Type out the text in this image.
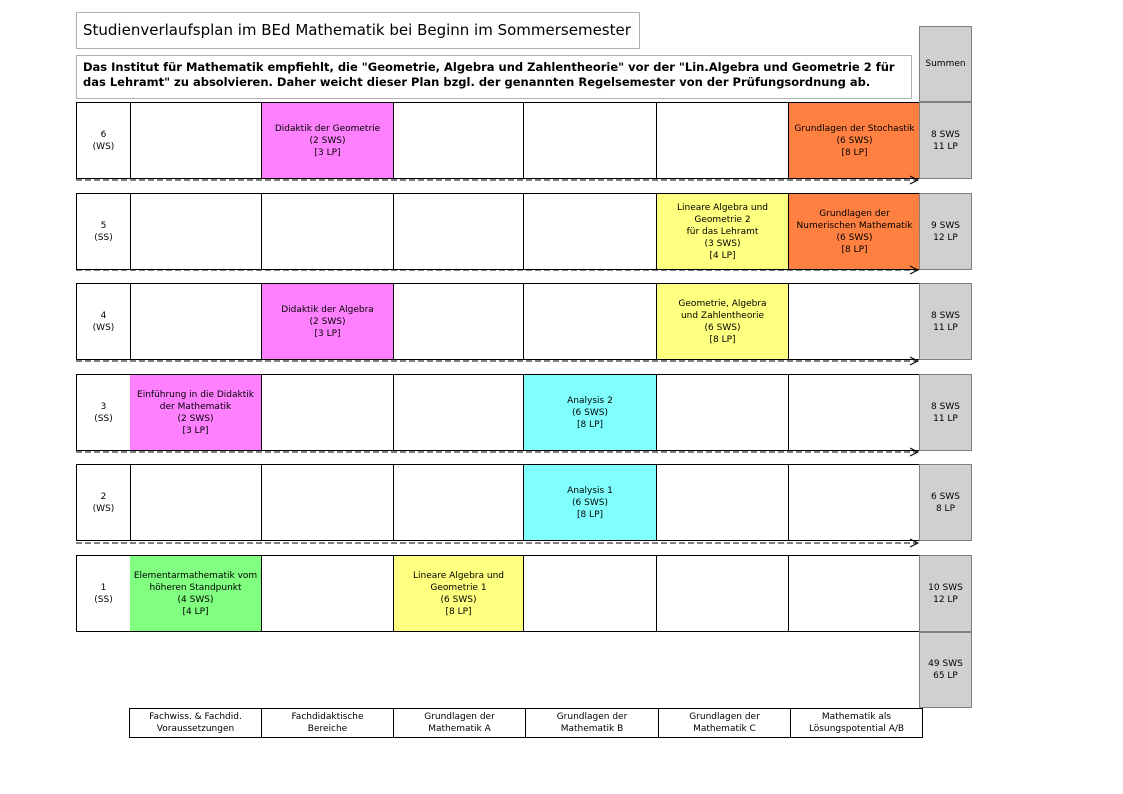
Studienverlaufsplan im BEd Mathematik bei Beginn im Sommersemester
Das Institut für Mathematik empfiehlt, die "Geometrie, Algebra und Zahlentheorie" vor der "Lin.Algebra und Geometrie 2 für das Lehramt" zu absolvieren. Daher weicht dieser Plan bzgl. der genannten Regelsemester von der Prüfungsordnung ab.
Summen
6
(WS)
Didaktik der Geometrie
(2 SWS)
[3 LP]
Grundlagen der Stochastik
(6 SWS)
[8 LP]
8 SWS
11 LP
5
(SS)
Lineare Algebra und
Geometrie 2
für das Lehramt
(3 SWS)
[4 LP]
Grundlagen der
Numerischen Mathematik
(6 SWS)
[8 LP]
9 SWS
12 LP
4
(WS)
Didaktik der Algebra
(2 SWS)
[3 LP]
Geometrie, Algebra
und Zahlentheorie
(6 SWS)
[8 LP]
8 SWS
11 LP
3
(SS)
Einführung in die Didaktik
der Mathematik
(2 SWS)
[3 LP]
Analysis 2
(6 SWS)
[8 LP]
8 SWS
11 LP
2
(WS)
Analysis 1
(6 SWS)
[8 LP]
6 SWS
8 LP
1
(SS)
Elementarmathematik vom
höheren Standpunkt
(4 SWS)
[4 LP]
Lineare Algebra und
Geometrie 1
(6 SWS)
[8 LP]
10 SWS
12 LP
49 SWS
65 LP
Fachwiss. & Fachdid.
Voraussetzungen
Fachdidaktische
Bereiche
Grundlagen der
Mathematik A
Grundlagen der
Mathematik B
Grundlagen der
Mathematik C
Mathematik als
Lösungspotential A/B
